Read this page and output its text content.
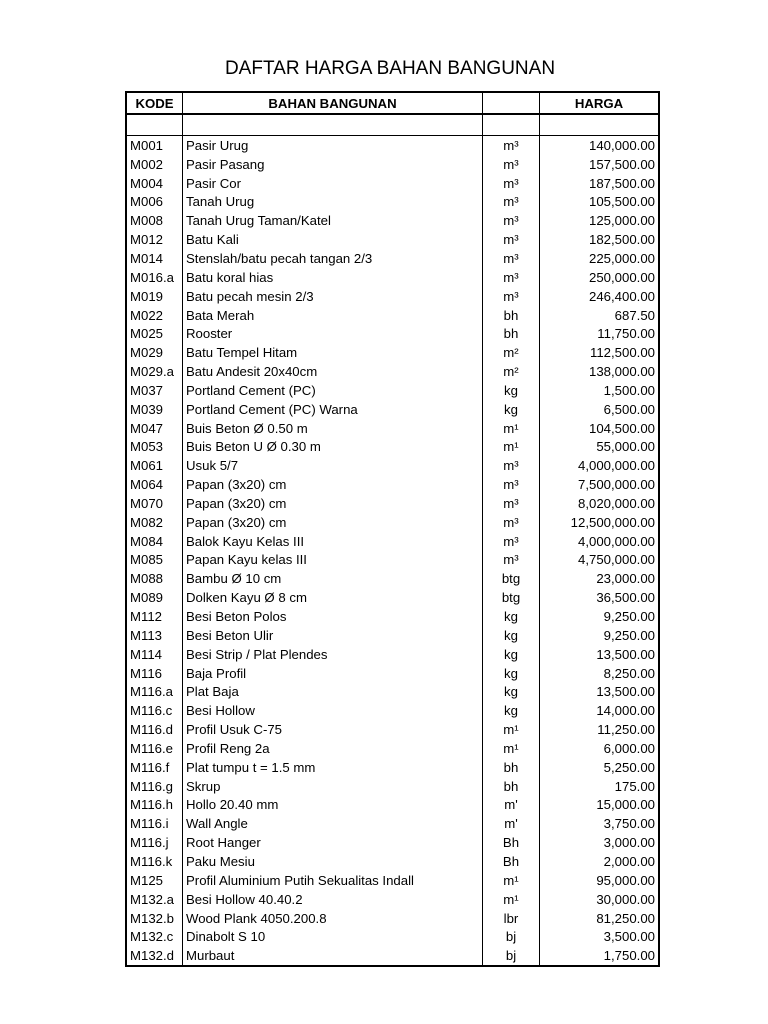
DAFTAR HARGA BAHAN BANGUNAN
KODE	BAHAN BANGUNAN		HARGA

M001	Pasir Urug	m³	140,000.00
M002	Pasir Pasang	m³	157,500.00
M004	Pasir Cor	m³	187,500.00
M006	Tanah Urug	m³	105,500.00
M008	Tanah Urug Taman/Katel	m³	125,000.00
M012	Batu Kali	m³	182,500.00
M014	Stenslah/batu pecah tangan 2/3	m³	225,000.00
M016.a	Batu koral hias	m³	250,000.00
M019	Batu pecah mesin 2/3	m³	246,400.00
M022	Bata Merah	bh	687.50
M025	Rooster	bh	11,750.00
M029	Batu Tempel Hitam	m²	112,500.00
M029.a	Batu Andesit 20x40cm	m²	138,000.00
M037	Portland Cement (PC)	kg	1,500.00
M039	Portland Cement (PC) Warna	kg	6,500.00
M047	Buis Beton Ø 0.50 m	m¹	104,500.00
M053	Buis Beton U Ø 0.30 m	m¹	55,000.00
M061	Usuk 5/7	m³	4,000,000.00
M064	Papan (3x20) cm	m³	7,500,000.00
M070	Papan (3x20) cm	m³	8,020,000.00
M082	Papan (3x20) cm	m³	12,500,000.00
M084	Balok Kayu Kelas III	m³	4,000,000.00
M085	Papan Kayu kelas III	m³	4,750,000.00
M088	Bambu Ø 10 cm	btg	23,000.00
M089	Dolken Kayu Ø 8 cm	btg	36,500.00
M112	Besi Beton Polos	kg	9,250.00
M113	Besi Beton Ulir	kg	9,250.00
M114	Besi Strip / Plat Plendes	kg	13,500.00
M116	Baja Profil	kg	8,250.00
M116.a	Plat Baja	kg	13,500.00
M116.c	Besi Hollow	kg	14,000.00
M116.d	Profil Usuk C-75	m¹	11,250.00
M116.e	Profil Reng 2a	m¹	6,000.00
M116.f	Plat tumpu t = 1.5 mm	bh	5,250.00
M116.g	Skrup	bh	175.00
M116.h	Hollo 20.40 mm	m'	15,000.00
M116.i	Wall Angle	m'	3,750.00
M116.j	Root Hanger	Bh	3,000.00
M116.k	Paku Mesiu	Bh	2,000.00
M125	Profil Aluminium Putih Sekualitas Indall	m¹	95,000.00
M132.a	Besi Hollow 40.40.2	m¹	30,000.00
M132.b	Wood Plank 4050.200.8	lbr	81,250.00
M132.c	Dinabolt S 10	bj	3,500.00
M132.d	Murbaut	bj	1,750.00
